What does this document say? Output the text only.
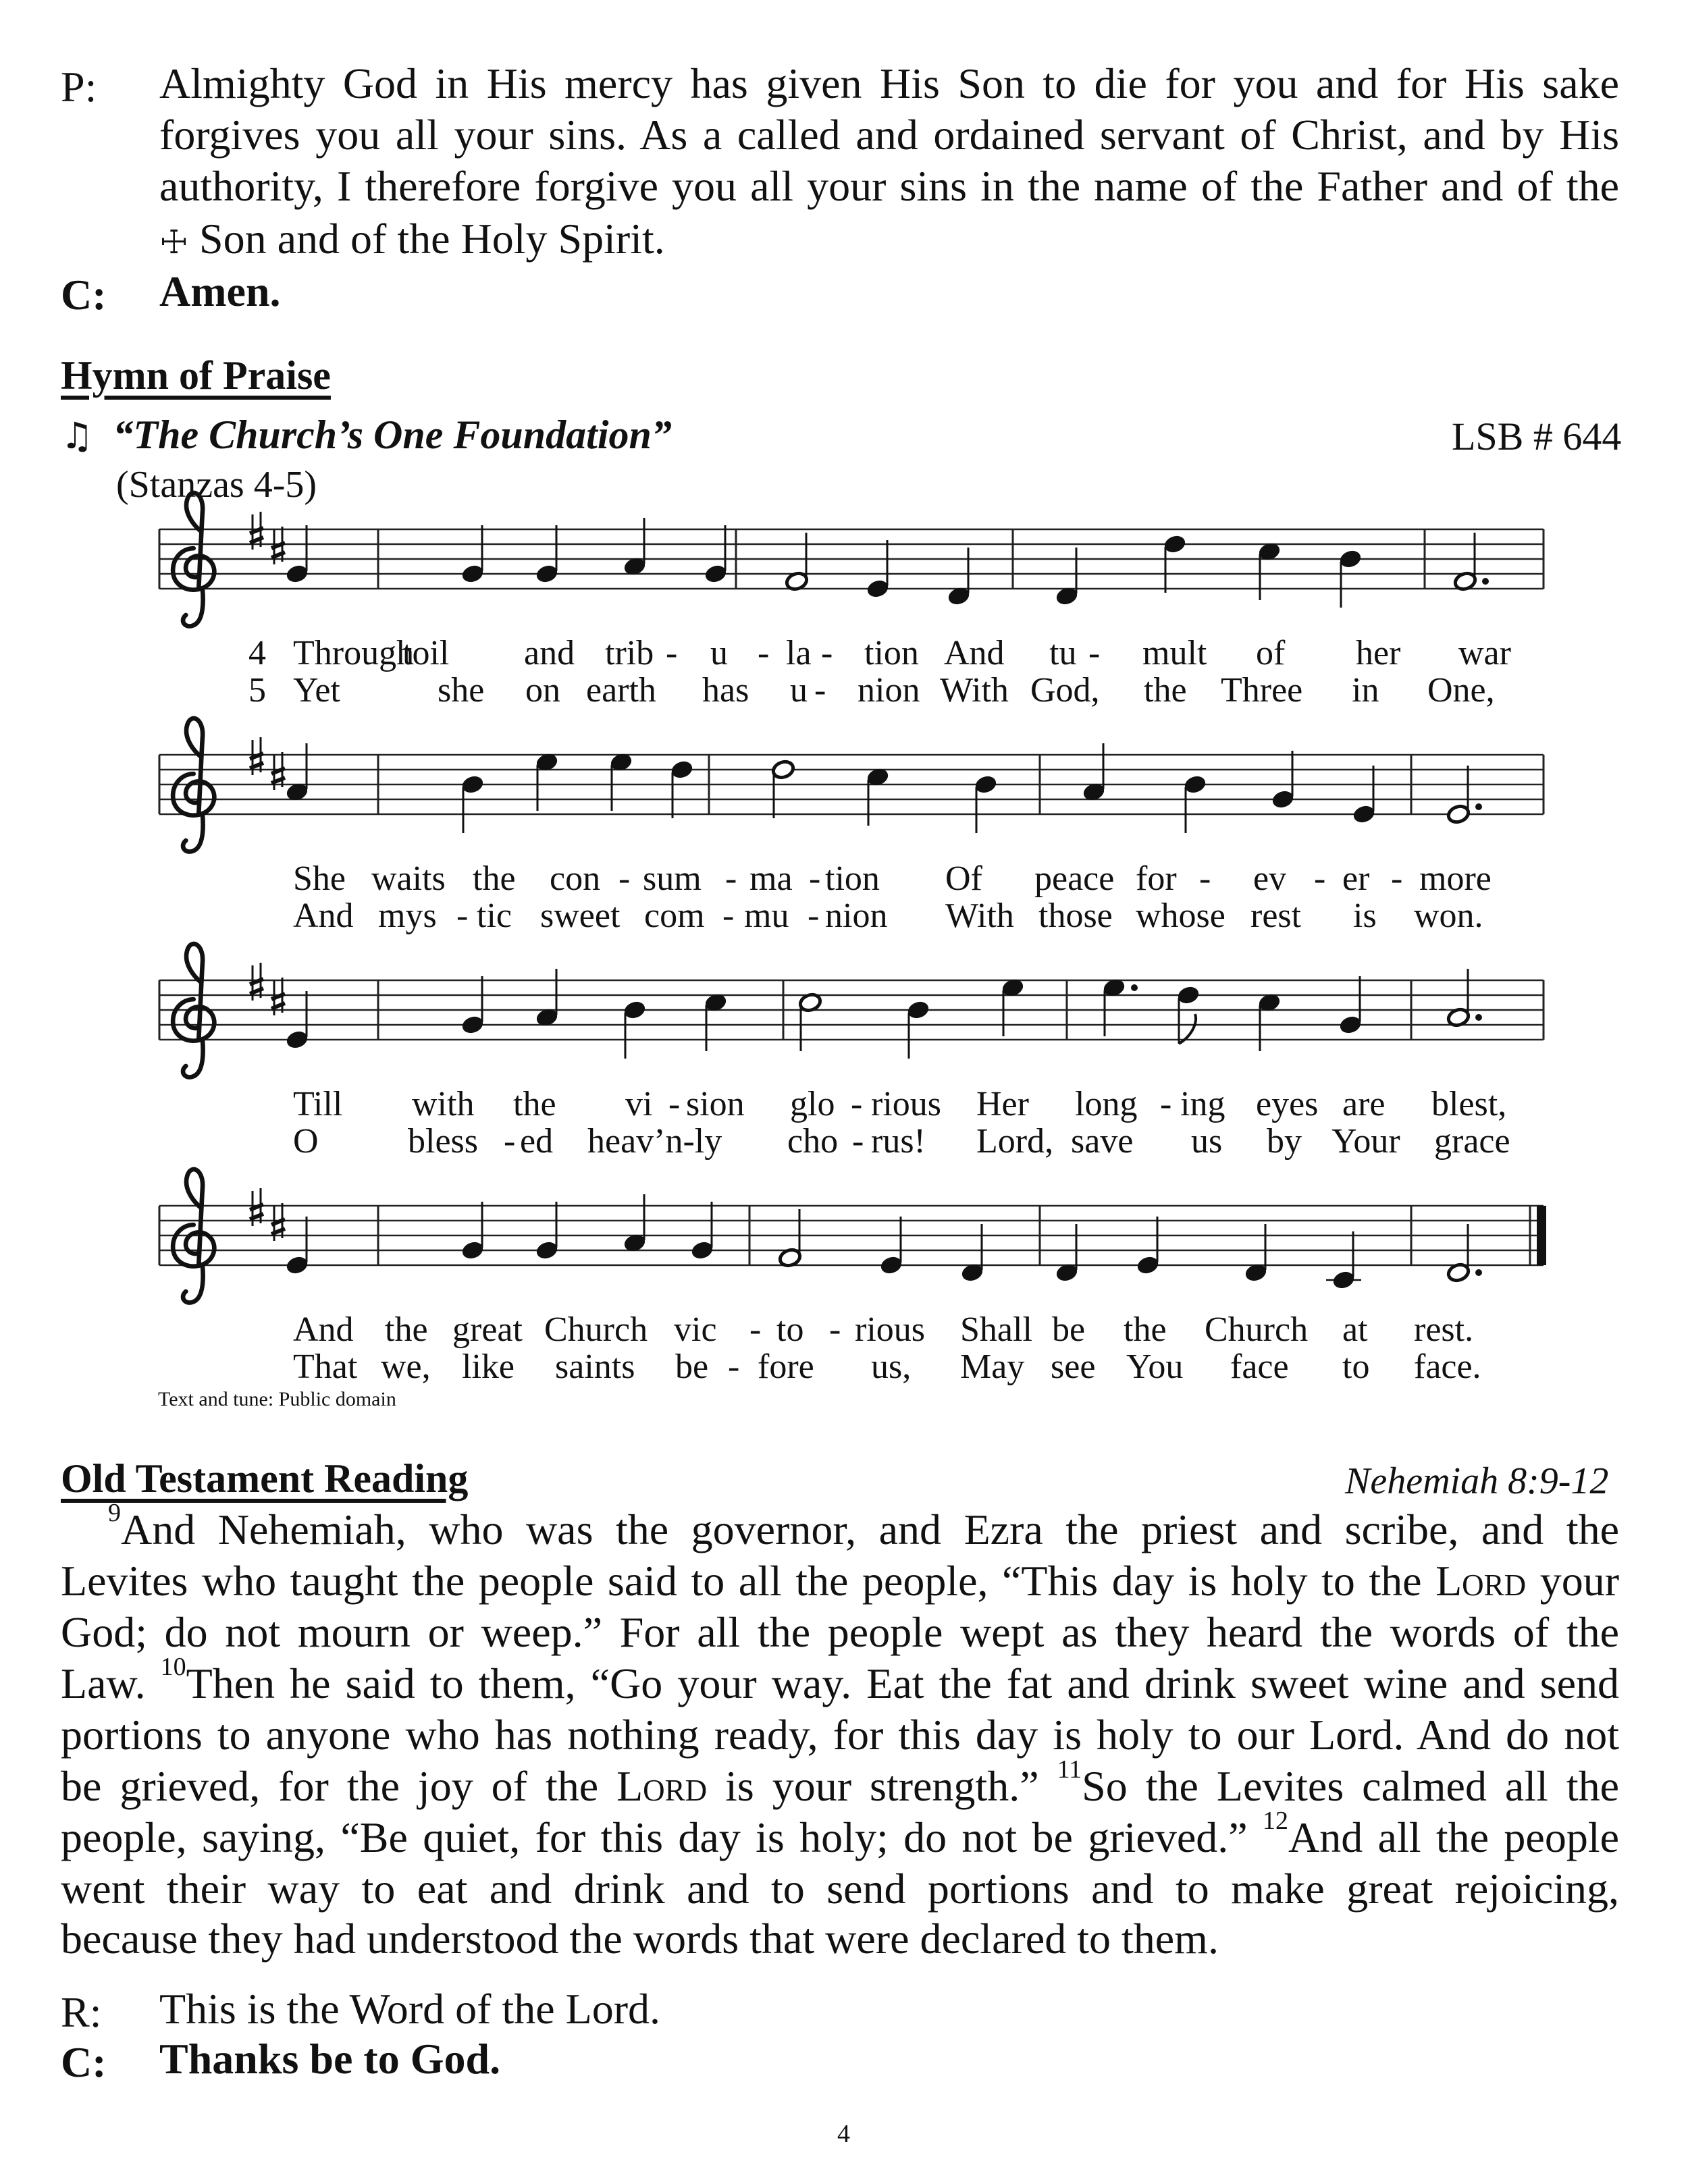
P: Almighty God in His mercy has given His Son to die for you and for His sake
forgives you all your sins. As a called and ordained servant of Christ, and by His
authority, I therefore forgive you all your sins in the name of the Father and of the
☩ Son and of the Holy Spirit.
C: Amen.
Hymn of Praise
♫ “The Church’s One Foundation”	LSB # 644
(Stanzas 4-5)
4 Through
toil and trib - u - la - tion And tu - mult of her war
5 Yet	she on earth has u - nion With God, the Three in One,
She waits the con - sum - ma - tion Of peace for - ev - er - more
And mys - tic sweet com - mu - nion With those whose rest is won.
Till with the vi - sion glo - rious Her long - ing eyes are blest,
O	bless - ed heav’n-ly cho - rus! Lord, save us by Your grace
And the great Church vic - to - rious Shall be the Church at rest.
That we, like saints be - fore us, May see You face to face.
Text and tune: Public domain
Old Testament Reading	Nehemiah 8:9-12
$^9$And Nehemiah, who was the governor, and Ezra the priest and scribe, and the
Levites who taught the people said to all the people, “This day is holy to the Lord your
God; do not mourn or weep.” For all the people wept as they heard the words of the
Law. $^{10}$Then he said to them, “Go your way. Eat the fat and drink sweet wine and send
portions to anyone who has nothing ready, for this day is holy to our Lord. And do not
be grieved, for the joy of the Lord is your strength.” $^{11}$So the Levites calmed all the
people, saying, “Be quiet, for this day is holy; do not be grieved.” $^{12}$And all the people
went their way to eat and drink and to send portions and to make great rejoicing,
because they had understood the words that were declared to them.
R: This is the Word of the Lord.
C: Thanks be to God.
4
